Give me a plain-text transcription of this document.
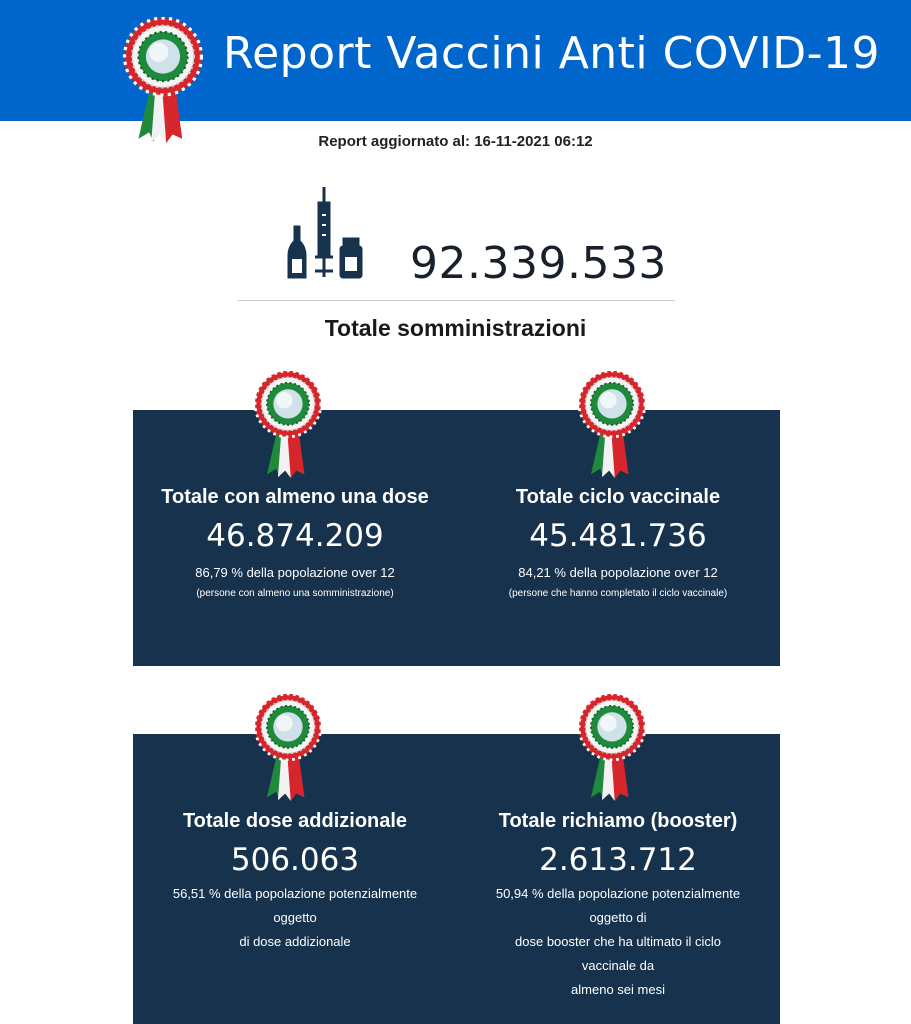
Report Vaccini Anti COVID-19
Report aggiornato al: 16-11-2021 06:12
92.339.533
Totale somministrazioni
Totale con almeno una dose
46.874.209
86,79 % della popolazione over 12
(persone con almeno una somministrazione)
Totale ciclo vaccinale
45.481.736
84,21 % della popolazione over 12
(persone che hanno completato il ciclo vaccinale)
Totale dose addizionale
506.063
56,51 % della popolazione potenzialmente
oggetto
di dose addizionale
Totale richiamo (booster)
2.613.712
50,94 % della popolazione potenzialmente
oggetto di
dose booster che ha ultimato il ciclo
vaccinale da
almeno sei mesi
